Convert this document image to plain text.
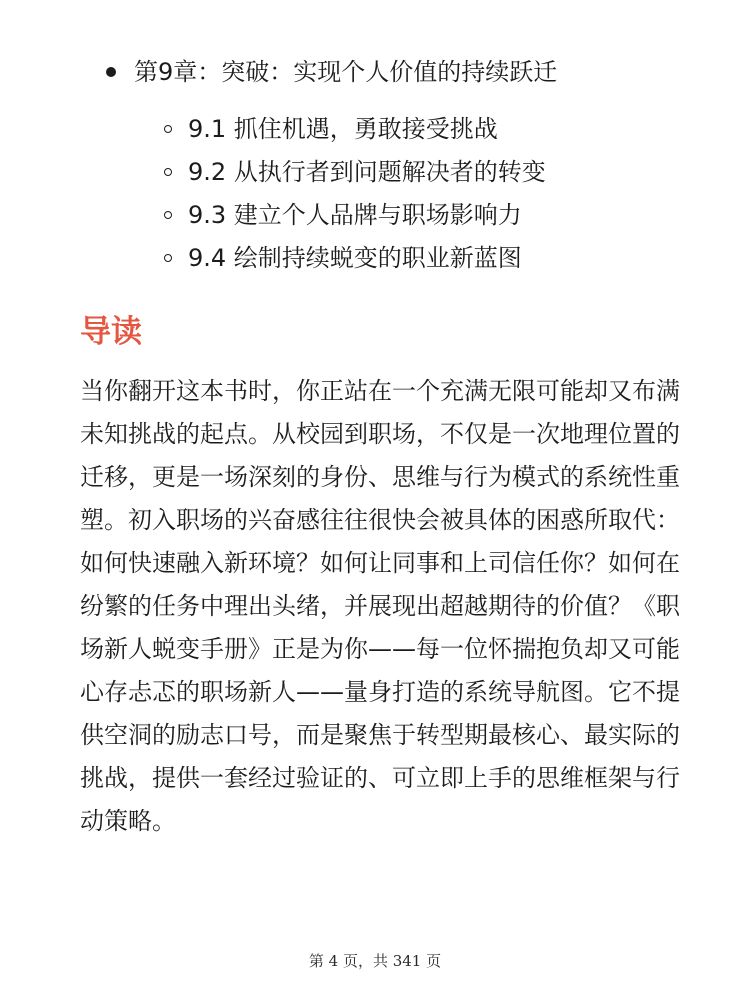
第9章：突破：实现个人价值的持续跃迁
9.1 抓住机遇，勇敢接受挑战
9.2 从执行者到问题解决者的转变
9.3 建立个人品牌与职场影响力
9.4 绘制持续蜕变的职业新蓝图
导读

当你翻开这本书时，你正站在一个充满无限可能却又布满未知挑战的起点。从校园到职场，不仅是一次地理位置的迁移，更是一场深刻的身份、思维与行为模式的系统性重塑。初入职场的兴奋感往往很快会被具体的困惑所取代：如何快速融入新环境？如何让同事和上司信任你？如何在纷繁的任务中理出头绪，并展现出超越期待的价值？《职场新人蜕变手册》正是为你——每一位怀揣抱负却又可能心存忐忑的职场新人——量身打造的系统导航图。它不提供空洞的励志口号，而是聚焦于转型期最核心、最实际的挑战，提供一套经过验证的、可立即上手的思维框架与行动策略。

第 4 页，共 341 页
